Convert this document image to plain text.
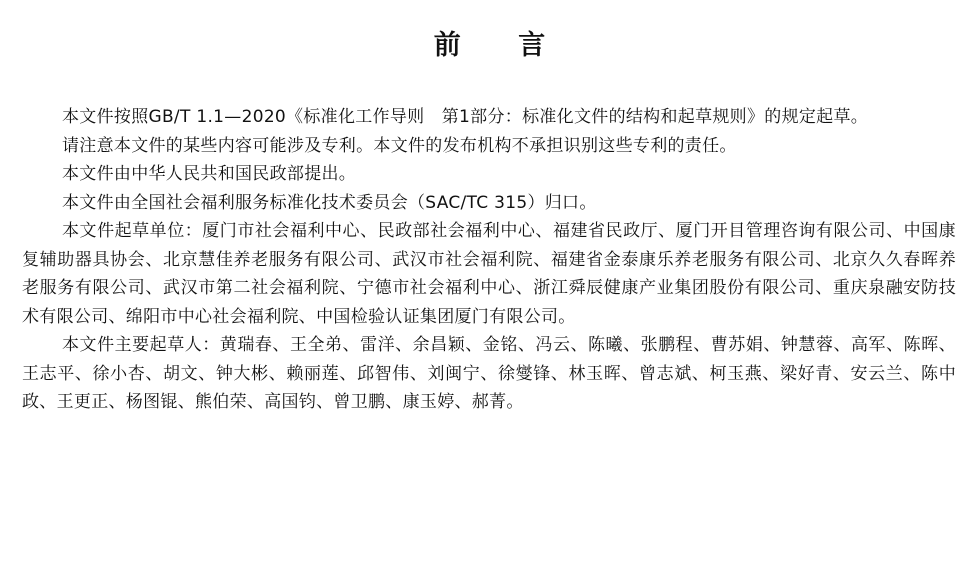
前 言

本文件按照GB/T 1.1—2020《标准化工作导则　第1部分：标准化文件的结构和起草规则》的规定起草。

请注意本文件的某些内容可能涉及专利。本文件的发布机构不承担识别这些专利的责任。

本文件由中华人民共和国民政部提出。

本文件由全国社会福利服务标准化技术委员会（SAC/TC 315）归口。

本文件起草单位：厦门市社会福利中心、民政部社会福利中心、福建省民政厅、厦门开目管理咨询有限公司、中国康复辅助器具协会、北京慧佳养老服务有限公司、武汉市社会福利院、福建省金泰康乐养老服务有限公司、北京久久春晖养老服务有限公司、武汉市第二社会福利院、宁德市社会福利中心、浙江舜辰健康产业集团股份有限公司、重庆泉融安防技术有限公司、绵阳市中心社会福利院、中国检验认证集团厦门有限公司。

本文件主要起草人：黄瑞春、王全弟、雷洋、余昌颖、金铭、冯云、陈曦、张鹏程、曹苏娟、钟慧蓉、高军、陈晖、王志平、徐小杏、胡文、钟大彬、赖丽莲、邱智伟、刘闽宁、徐燮锋、林玉晖、曾志斌、柯玉燕、梁好青、安云兰、陈中政、王更正、杨图锟、熊伯荣、高国钧、曾卫鹏、康玉婷、郝菁。
